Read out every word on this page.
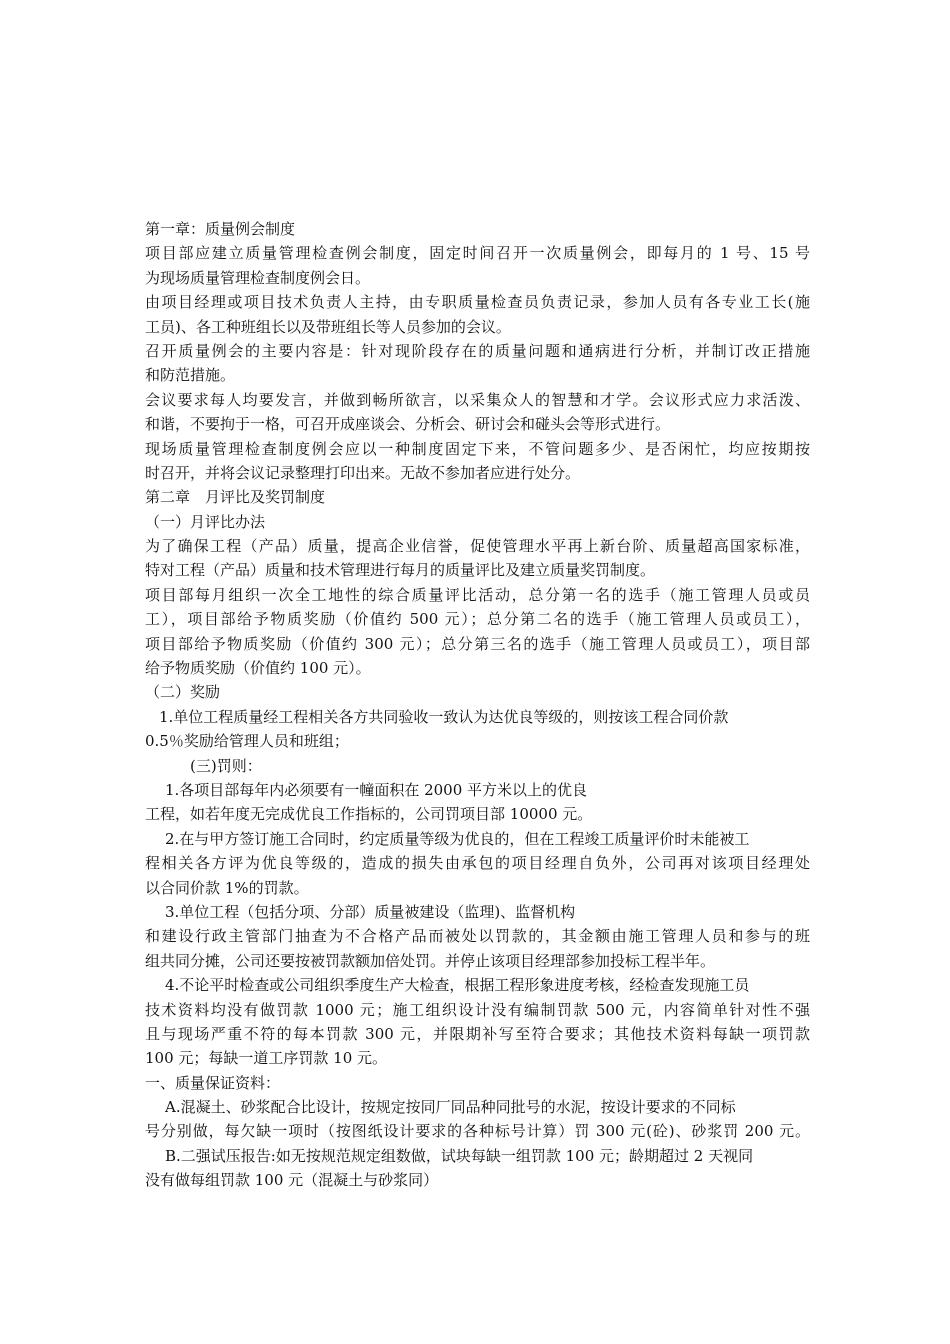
第一章：质量例会制度
项目部应建立质量管理检查例会制度，固定时间召开一次质量例会，即每月的 1 号、15 号
为现场质量管理检查制度例会日。
由项目经理或项目技术负责人主持，由专职质量检查员负责记录，参加人员有各专业工长(施
工员)、各工种班组长以及带班组长等人员参加的会议。
召开质量例会的主要内容是：针对现阶段存在的质量问题和通病进行分析，并制订改正措施
和防范措施。
会议要求每人均要发言，并做到畅所欲言，以采集众人的智慧和才学。会议形式应力求活泼、
和谐，不要拘于一格，可召开成座谈会、分析会、研讨会和碰头会等形式进行。
现场质量管理检查制度例会应以一种制度固定下来，不管问题多少、是否闲忙，均应按期按
时召开，并将会议记录整理打印出来。无故不参加者应进行处分。
第二章　月评比及奖罚制度
（一）月评比办法
为了确保工程（产品）质量，提高企业信誉，促使管理水平再上新台阶、质量超高国家标准，
特对工程（产品）质量和技术管理进行每月的质量评比及建立质量奖罚制度。
项目部每月组织一次全工地性的综合质量评比活动，总分第一名的选手（施工管理人员或员
工），项目部给予物质奖励（价值约 500 元）；总分第二名的选手（施工管理人员或员工），
项目部给予物质奖励（价值约 300 元）；总分第三名的选手（施工管理人员或员工），项目部
给予物质奖励（价值约 100 元）。
（二）奖励
1.单位工程质量经工程相关各方共同验收一致认为达优良等级的，则按该工程合同价款
0.5％奖励给管理人员和班组；
(三)罚则：
1.各项目部每年内必须要有一幢面积在 2000 平方米以上的优良
工程，如若年度无完成优良工作指标的，公司罚项目部 10000 元。
2.在与甲方签订施工合同时，约定质量等级为优良的，但在工程竣工质量评价时未能被工
程相关各方评为优良等级的，造成的损失由承包的项目经理自负外，公司再对该项目经理处
以合同价款 1%的罚款。
3.单位工程（包括分项、分部）质量被建设（监理)、监督机构
和建设行政主管部门抽查为不合格产品而被处以罚款的，其金额由施工管理人员和参与的班
组共同分摊，公司还要按被罚款额加倍处罚。并停止该项目经理部参加投标工程半年。
4.不论平时检查或公司组织季度生产大检查，根据工程形象进度考核，经检查发现施工员
技术资料均没有做罚款 1000 元；施工组织设计没有编制罚款 500 元，内容简单针对性不强
且与现场严重不符的每本罚款 300 元，并限期补写至符合要求；其他技术资料每缺一项罚款
100 元；每缺一道工序罚款 10 元。
一、质量保证资料：
A.混凝土、砂浆配合比设计，按规定按同厂同品种同批号的水泥，按设计要求的不同标
号分别做，每欠缺一项时（按图纸设计要求的各种标号计算）罚 300 元(砼)、砂浆罚 200 元。
B.二强试压报告:如无按规范规定组数做，试块每缺一组罚款 100 元；龄期超过 2 天视同
没有做每组罚款 100 元（混凝土与砂浆同）
